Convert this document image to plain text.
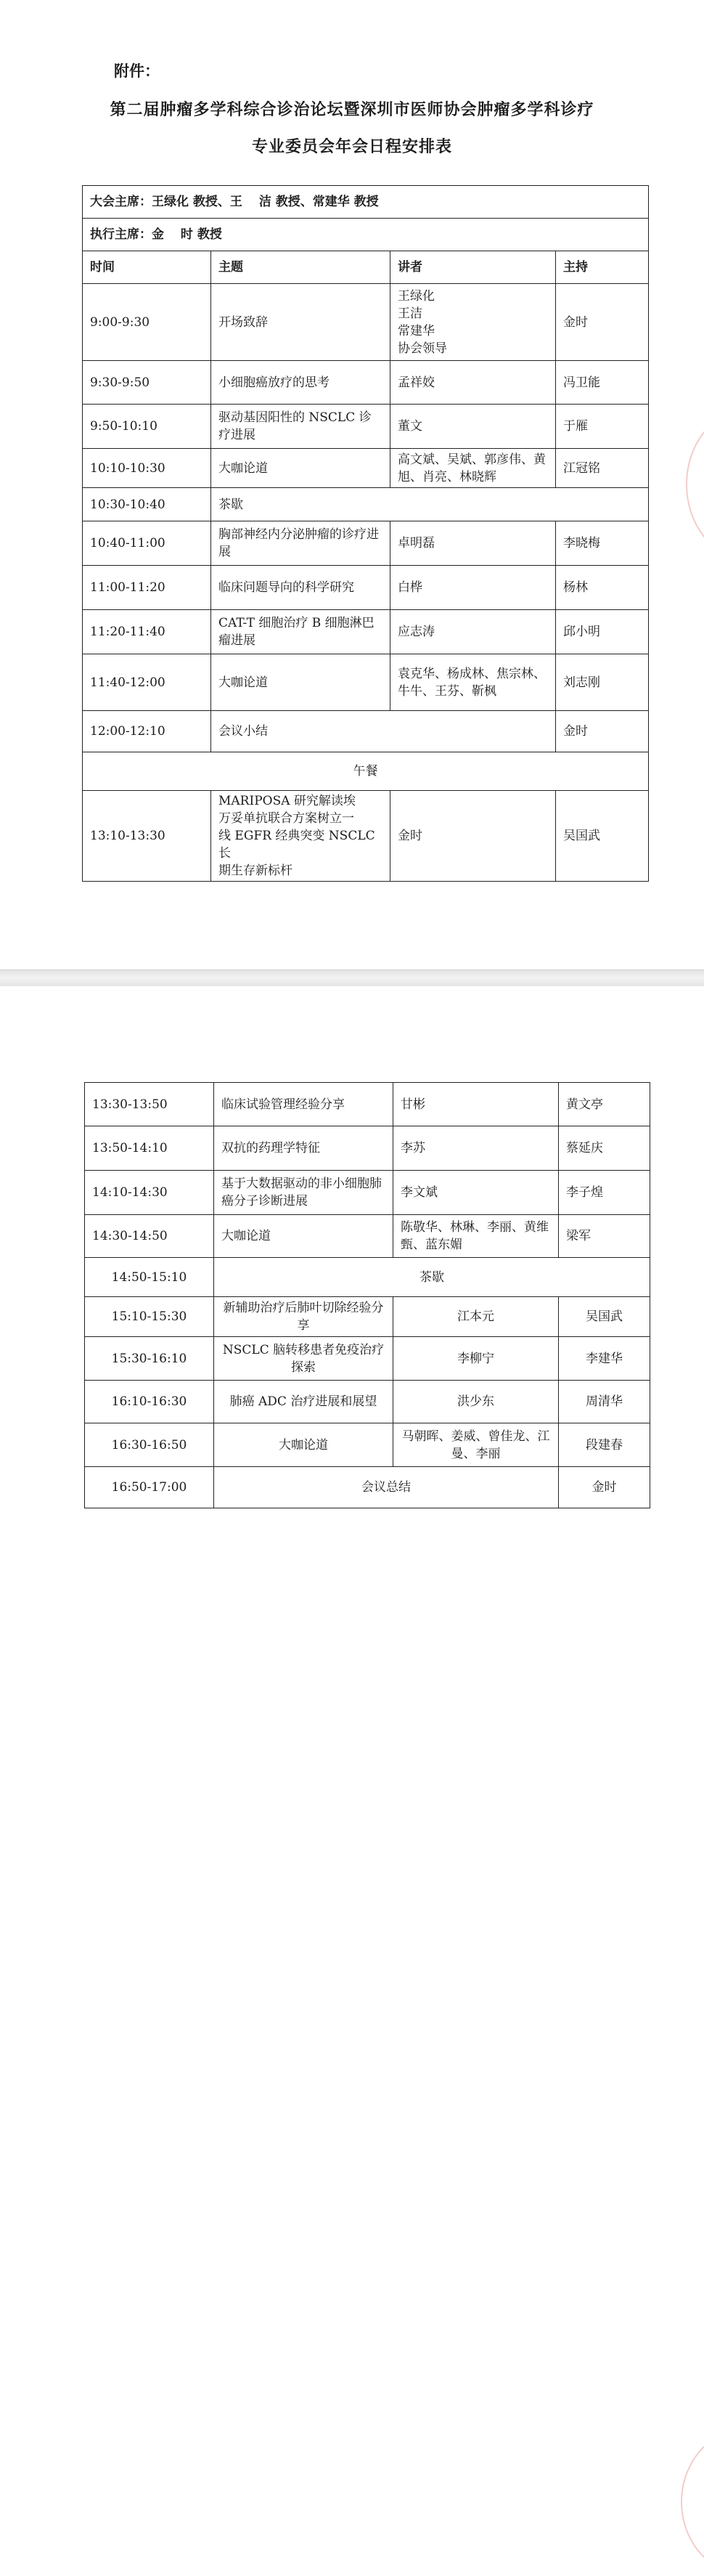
附件：
第二届肿瘤多学科综合诊治论坛暨深圳市医师协会肿瘤多学科诊疗
专业委员会年会日程安排表
大会主席：王绿化 教授、王　 洁 教授、常建华 教授			
执行主席：金　 时 教授			
时间	主题	讲者	主持
9:00-9:30	开场致辞	王绿化
王洁
常建华
协会领导	金时
9:30-9:50	小细胞癌放疗的思考	孟祥姣	冯卫能
9:50-10:10	驱动基因阳性的 NSCLC 诊疗进展	董文	于雁
10:10-10:30	大咖论道	高文斌、吴斌、郭彦伟、黄旭、肖亮、林晓辉	江冠铭
10:30-10:40	茶歇		
10:40-11:00	胸部神经内分泌肿瘤的诊疗进展	卓明磊	李晓梅
11:00-11:20	临床问题导向的科学研究	白桦	杨林
11:20-11:40	CAT-T 细胞治疗 B 细胞淋巴瘤进展	应志涛	邱小明
11:40-12:00	大咖论道	袁克华、杨成林、焦宗林、牛牛、王芬、靳枫	刘志刚
12:00-12:10	会议小结		金时
午餐			
13:10-13:30	MARIPOSA 研究解读埃
万妥单抗联合方案树立一
线 EGFR 经典突变 NSCLC 长
期生存新标杆	金时	吴国武
13:30-13:50	临床试验管理经验分享	甘彬	黄文亭
13:50-14:10	双抗的药理学特征	李苏	蔡延庆
14:10-14:30	基于大数据驱动的非小细胞肺癌分子诊断进展	李文斌	李子煌
14:30-14:50	大咖论道	陈敬华、林琳、李丽、黄维甄、蓝东媚	梁军
14:50-15:10	茶歇		
15:10-15:30	新辅助治疗后肺叶切除经验分享	江本元	吴国武
15:30-16:10	NSCLC 脑转移患者免疫治疗探索	李柳宁	李建华
16:10-16:30	肺癌 ADC 治疗进展和展望	洪少东	周清华
16:30-16:50	大咖论道	马朝晖、姜威、曾佳龙、江曼、李丽	段建春
16:50-17:00	会议总结		金时
